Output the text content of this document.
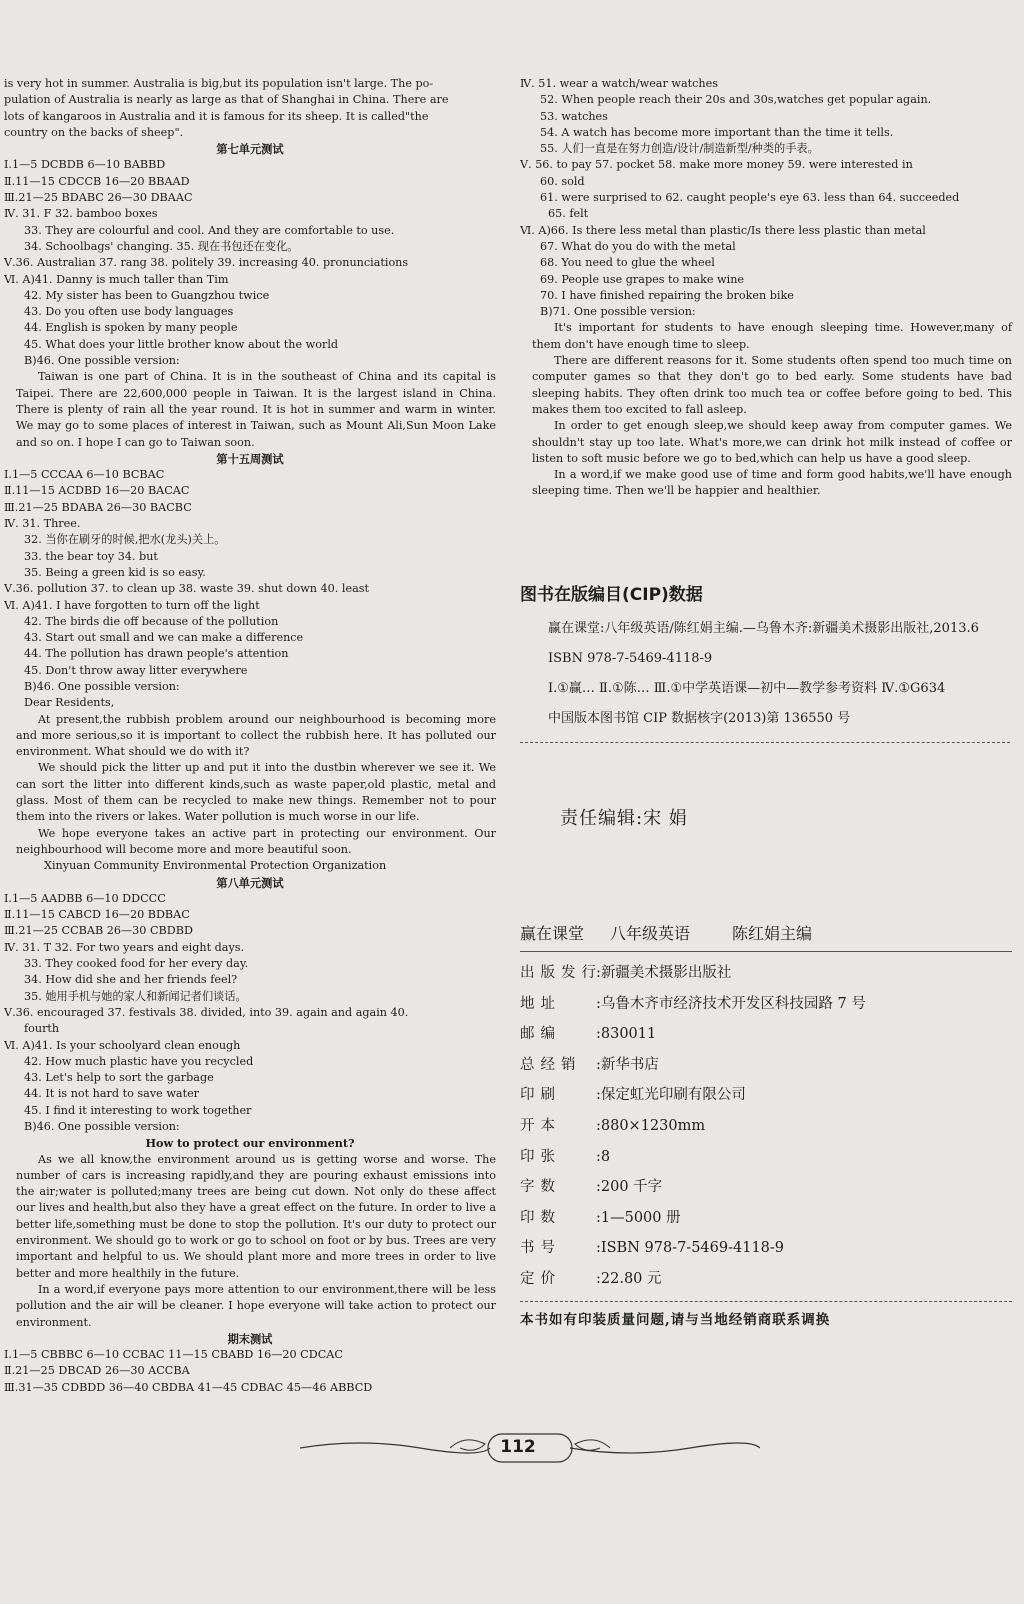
is very hot in summer. Australia is big,but its population isn't large. The po-
pulation of Australia is nearly as large as that of Shanghai in China. There are
lots of kangaroos in Australia and it is famous for its sheep. It is called"the
country on the backs of sheep".
第七单元测试
Ⅰ.1—5 DCBDB 6—10 BABBD
Ⅱ.11—15 CDCCB 16—20 BBAAD
Ⅲ.21—25 BDABC 26—30 DBAAC
Ⅳ. 31. F 32. bamboo boxes
33. They are colourful and cool. And they are comfortable to use.
34. Schoolbags' changing. 35. 现在书包还在变化。
Ⅴ.36. Australian 37. rang 38. politely 39. increasing 40. pronunciations
Ⅵ. A)41. Danny is much taller than Tim
42. My sister has been to Guangzhou twice
43. Do you often use body languages
44. English is spoken by many people
45. What does your little brother know about the world
B)46. One possible version:
Taiwan is one part of China. It is in the southeast of China and its capital is Taipei. There are 22,600,000 people in Taiwan. It is the largest island in China. There is plenty of rain all the year round. It is hot in summer and warm in winter. We may go to some places of interest in Taiwan, such as Mount Ali,Sun Moon Lake and so on. I hope I can go to Taiwan soon.
第十五周测试
Ⅰ.1—5 CCCAA 6—10 BCBAC
Ⅱ.11—15 ACDBD 16—20 BACAC
Ⅲ.21—25 BDABA 26—30 BACBC
Ⅳ. 31. Three.
32. 当你在刷牙的时候,把水(龙头)关上。
33. the bear toy 34. but
35. Being a green kid is so easy.
Ⅴ.36. pollution 37. to clean up 38. waste 39. shut down 40. least
Ⅵ. A)41. I have forgotten to turn off the light
42. The birds die off because of the pollution
43. Start out small and we can make a difference
44. The pollution has drawn people's attention
45. Don't throw away litter everywhere
B)46. One possible version:
Dear Residents,
At present,the rubbish problem around our neighbourhood is becoming more and more serious,so it is important to collect the rubbish here. It has polluted our environment. What should we do with it?
We should pick the litter up and put it into the dustbin wherever we see it. We can sort the litter into different kinds,such as waste paper,old plastic, metal and glass. Most of them can be recycled to make new things. Remember not to pour them into the rivers or lakes. Water pollution is much worse in our life.
We hope everyone takes an active part in protecting our environment. Our neighbourhood will become more and more beautiful soon.
Xinyuan Community Environmental Protection Organization
第八单元测试
Ⅰ.1—5 AADBB 6—10 DDCCC
Ⅱ.11—15 CABCD 16—20 BDBAC
Ⅲ.21—25 CCBAB 26—30 CBDBD
Ⅳ. 31. T 32. For two years and eight days.
33. They cooked food for her every day.
34. How did she and her friends feel?
35. 她用手机与她的家人和新闻记者们谈话。
Ⅴ.36. encouraged 37. festivals 38. divided, into 39. again and again 40.
fourth
Ⅵ. A)41. Is your schoolyard clean enough
42. How much plastic have you recycled
43. Let's help to sort the garbage
44. It is not hard to save water
45. I find it interesting to work together
B)46. One possible version:
How to protect our environment?
As we all know,the environment around us is getting worse and worse. The number of cars is increasing rapidly,and they are pouring exhaust emissions into the air;water is polluted;many trees are being cut down. Not only do these affect our lives and health,but also they have a great effect on the future. In order to live a better life,something must be done to stop the pollution. It's our duty to protect our environment. We should go to work or go to school on foot or by bus. Trees are very important and helpful to us. We should plant more and more trees in order to live better and more healthily in the future.
In a word,if everyone pays more attention to our environment,there will be less pollution and the air will be cleaner. I hope everyone will take action to protect our environment.
期末测试
Ⅰ.1—5 CBBBC 6—10 CCBAC 11—15 CBABD 16—20 CDCAC
Ⅱ.21—25 DBCAD 26—30 ACCBA
Ⅲ.31—35 CDBDD 36—40 CBDBA 41—45 CDBAC 45—46 ABBCD
Ⅳ. 51. wear a watch/wear watches
52. When people reach their 20s and 30s,watches get popular again.
53. watches
54. A watch has become more important than the time it tells.
55. 人们一直是在努力创造/设计/制造新型/种类的手表。
Ⅴ. 56. to pay 57. pocket 58. make more money 59. were interested in
60. sold
61. were surprised to 62. caught people's eye 63. less than 64. succeeded
65. felt
Ⅵ. A)66. Is there less metal than plastic/Is there less plastic than metal
67. What do you do with the metal
68. You need to glue the wheel
69. People use grapes to make wine
70. I have finished repairing the broken bike
B)71. One possible version:
It's important for students to have enough sleeping time. However,many of them don't have enough time to sleep.
There are different reasons for it. Some students often spend too much time on computer games so that they don't go to bed early. Some students have bad sleeping habits. They often drink too much tea or coffee before going to bed. This makes them too excited to fall asleep.
In order to get enough sleep,we should keep away from computer games. We shouldn't stay up too late. What's more,we can drink hot milk instead of coffee or listen to soft music before we go to bed,which can help us have a good sleep.
In a word,if we make good use of time and form good habits,we'll have enough sleeping time. Then we'll be happier and healthier.
图书在版编目(CIP)数据
赢在课堂:八年级英语/陈红娟主编.—乌鲁木齐:新疆美术摄影出版社,2013.6
ISBN 978-7-5469-4118-9
Ⅰ.①赢… Ⅱ.①陈… Ⅲ.①中学英语课—初中—教学参考资料 Ⅳ.①G634
中国版本图书馆 CIP 数据核字(2013)第 136550 号
责任编辑:宋 娟
赢在课堂 八年级英语	陈红娟主编
出版发行:新疆美术摄影出版社
地址 :乌鲁木齐市经济技术开发区科技园路 7 号
邮编 :830011
总经销 :新华书店
印刷 :保定虹光印刷有限公司
开本 :880×1230mm
印张 :8
字数 :200 千字
印数 :1—5000 册
书号 :ISBN 978-7-5469-4118-9
定价 :22.80 元
本书如有印装质量问题,请与当地经销商联系调换
112
